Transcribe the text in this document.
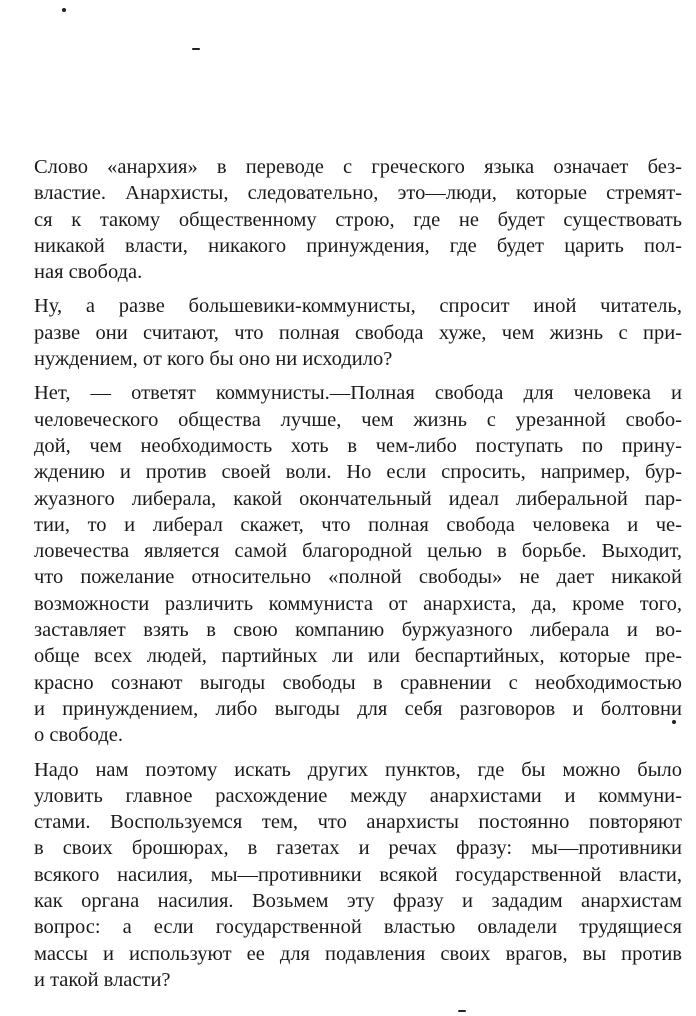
Слово «анархия» в переводе с греческого языка означает без-
властие. Анархисты, следовательно, это—люди, которые стремят-
ся к такому общественному строю, где не будет существовать
никакой власти, никакого принуждения, где будет царить пол-
ная свобода.
Ну, а разве большевики-коммунисты, спросит иной читатель,
разве они считают, что полная свобода хуже, чем жизнь с при-
нуждением, от кого бы оно ни исходило?
Нет, — ответят коммунисты.—Полная свобода для человека и
человеческого общества лучше, чем жизнь с урезанной свобо-
дой, чем необходимость хоть в чем-либо поступать по прину-
ждению и против своей воли. Но если спросить, например, бур-
жуазного либерала, какой окончательный идеал либеральной пар-
тии, то и либерал скажет, что полная свобода человека и че-
ловечества является самой благородной целью в борьбе. Выходит,
что пожелание относительно «полной свободы» не дает никакой
возможности различить коммуниста от анархиста, да, кроме того,
заставляет взять в свою компанию буржуазного либерала и во-
обще всех людей, партийных ли или беспартийных, которые пре-
красно сознают выгоды свободы в сравнении с необходимостью
и принуждением, либо выгоды для себя разговоров и болтовни
о свободе.
Надо нам поэтому искать других пунктов, где бы можно было
уловить главное расхождение между анархистами и коммуни-
стами. Воспользуемся тем, что анархисты постоянно повторяют
в своих брошюрах, в газетах и речах фразу: мы—противники
всякого насилия, мы—противники всякой государственной власти,
как органа насилия. Возьмем эту фразу и зададим анархистам
вопрос: а если государственной властью овладели трудящиеся
массы и используют ее для подавления своих врагов, вы против
и такой власти?
